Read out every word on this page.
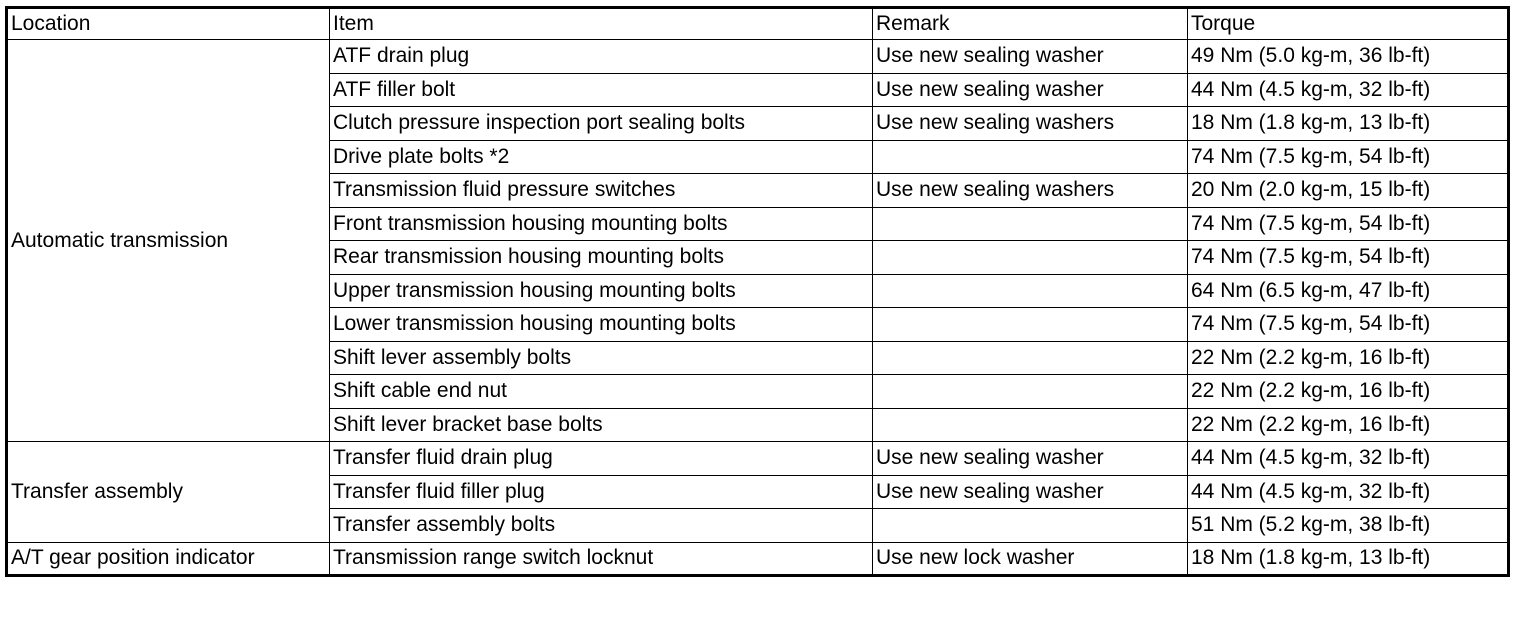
Location	Item	Remark	Torque
Automatic transmission	ATF drain plug	Use new sealing washer	49 Nm (5.0 kg-m, 36 lb-ft)
	ATF filler bolt	Use new sealing washer	44 Nm (4.5 kg-m, 32 lb-ft)
	Clutch pressure inspection port sealing bolts	Use new sealing washers	18 Nm (1.8 kg-m, 13 lb-ft)
	Drive plate bolts *2		74 Nm (7.5 kg-m, 54 lb-ft)
	Transmission fluid pressure switches	Use new sealing washers	20 Nm (2.0 kg-m, 15 lb-ft)
	Front transmission housing mounting bolts		74 Nm (7.5 kg-m, 54 lb-ft)
	Rear transmission housing mounting bolts		74 Nm (7.5 kg-m, 54 lb-ft)
	Upper transmission housing mounting bolts		64 Nm (6.5 kg-m, 47 lb-ft)
	Lower transmission housing mounting bolts		74 Nm (7.5 kg-m, 54 lb-ft)
	Shift lever assembly bolts		22 Nm (2.2 kg-m, 16 lb-ft)
	Shift cable end nut		22 Nm (2.2 kg-m, 16 lb-ft)
	Shift lever bracket base bolts		22 Nm (2.2 kg-m, 16 lb-ft)
Transfer assembly	Transfer fluid drain plug	Use new sealing washer	44 Nm (4.5 kg-m, 32 lb-ft)
	Transfer fluid filler plug	Use new sealing washer	44 Nm (4.5 kg-m, 32 lb-ft)
	Transfer assembly bolts		51 Nm (5.2 kg-m, 38 lb-ft)
A/T gear position indicator	Transmission range switch locknut	Use new lock washer	18 Nm (1.8 kg-m, 13 lb-ft)
